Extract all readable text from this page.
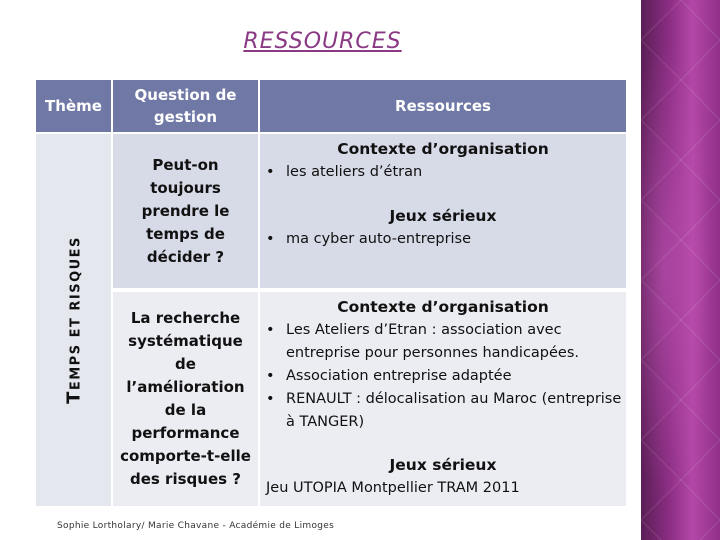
RESSOURCES
Thème
Question de gestion
Ressources
TEMPS ET RISQUES
Peut-on toujours prendre le temps de décider ?
Contexte d’organisation
• les ateliers d’étran
Jeux sérieux
• ma cyber auto-entreprise
La recherche systématique de l’amélioration de la performance comporte-t-elle des risques ?
Contexte d’organisation
• Les Ateliers d’Etran : association avec entreprise pour personnes handicapées.
• Association entreprise adaptée
• RENAULT : délocalisation au Maroc (entreprise à TANGER)
Jeux sérieux
Jeu UTOPIA Montpellier TRAM 2011
Sophie Lortholary/ Marie Chavane - Académie de Limoges
